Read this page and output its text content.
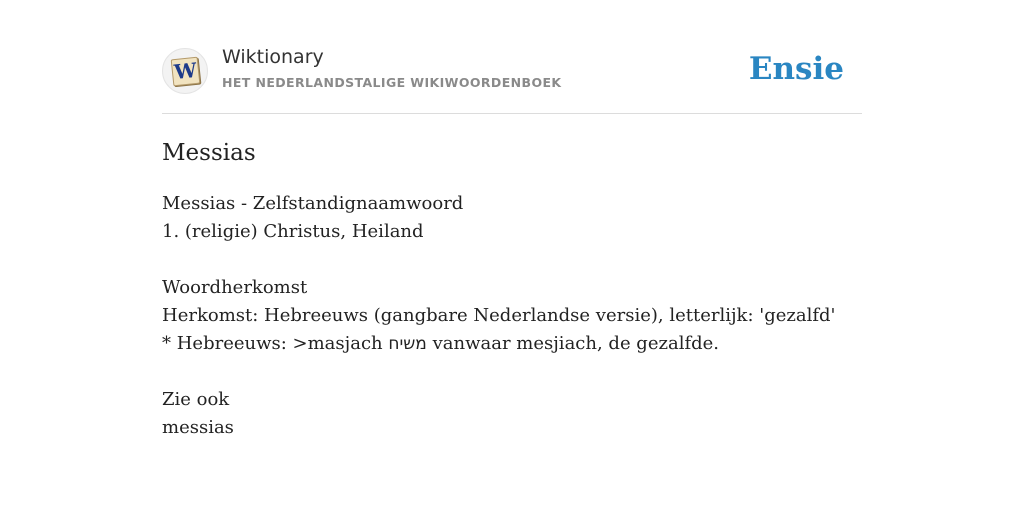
W
Wiktionary
HET NEDERLANDSTALIGE WIKIWOORDENBOEK	Ensie
Messias
Messias - Zelfstandignaamwoord
1. (religie) Christus, Heiland
Woordherkomst
Herkomst: Hebreeuws (gangbare Nederlandse versie), letterlijk: 'gezalfd'
* Hebreeuws: >masjach משיח vanwaar mesjiach, de gezalfde.
Zie ook
messias
